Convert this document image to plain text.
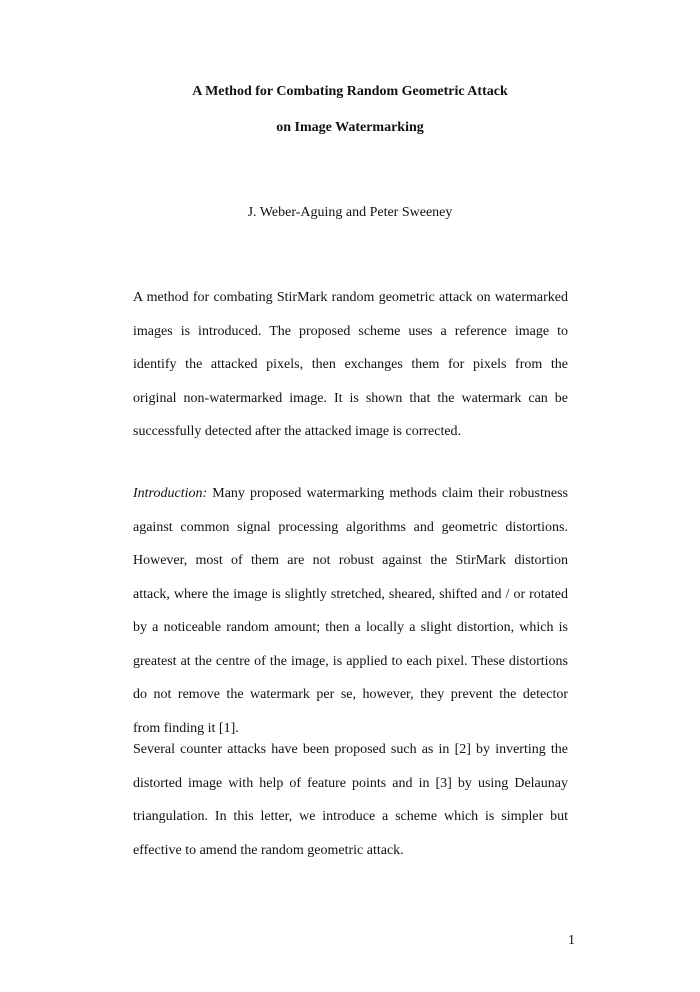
A Method for Combating Random Geometric Attack
on Image Watermarking
J. Weber-Aguing and Peter Sweeney
A method for combating StirMark random geometric attack on watermarked
images is introduced. The proposed scheme uses a reference image to
identify the attacked pixels, then exchanges them for pixels from the
original non-watermarked image. It is shown that the watermark can be
successfully detected after the attacked image is corrected.
Introduction: Many proposed watermarking methods claim their robustness
against common signal processing algorithms and geometric distortions.
However, most of them are not robust against the StirMark distortion
attack, where the image is slightly stretched, sheared, shifted and / or rotated
by a noticeable random amount; then a locally a slight distortion, which is
greatest at the centre of the image, is applied to each pixel. These distortions
do not remove the watermark per se, however, they prevent the detector
from finding it [1].
Several counter attacks have been proposed such as in [2] by inverting the
distorted image with help of feature points and in [3] by using Delaunay
triangulation. In this letter, we introduce a scheme which is simpler but
effective to amend the random geometric attack.
1
